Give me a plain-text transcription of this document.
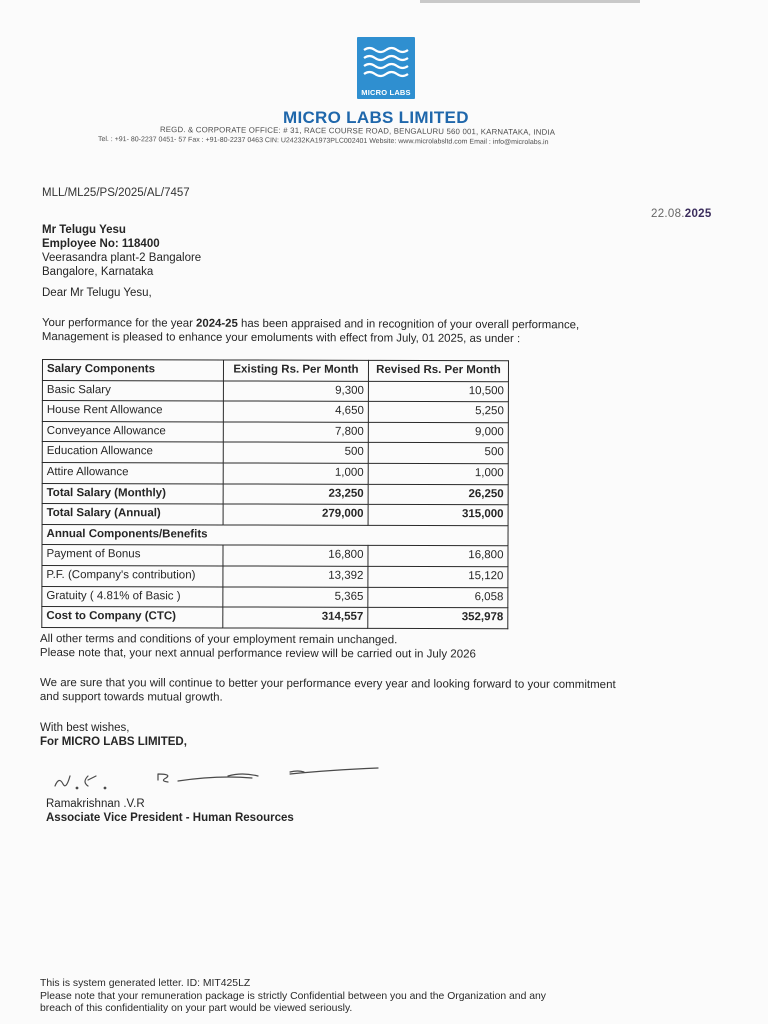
MICRO LABS
MICRO LABS LIMITED
REGD. & CORPORATE OFFICE: # 31, RACE COURSE ROAD, BENGALURU 560 001, KARNATAKA, INDIA
Tel. : +91- 80-2237 0451- 57 Fax : +91-80-2237 0463 CIN: U24232KA1973PLC002401 Website: www.microlabsltd.com Email : info@microlabs.in
MLL/ML25/PS/2025/AL/7457
22.08.2025
Mr Telugu Yesu
Employee No: 118400
Veerasandra plant-2 Bangalore
Bangalore, Karnataka
Dear Mr Telugu Yesu,
Your performance for the year 2024-25 has been appraised and in recognition of your overall performance,
Management is pleased to enhance your emoluments with effect from July, 01 2025, as under :
Salary Components	Existing Rs. Per Month	Revised Rs. Per Month
Basic Salary	9,300	10,500
House Rent Allowance	4,650	5,250
Conveyance Allowance	7,800	9,000
Education Allowance	500	500
Attire Allowance	1,000	1,000
Total Salary (Monthly)	23,250	26,250
Total Salary (Annual)	279,000	315,000
Annual Components/Benefits		
Payment of Bonus	16,800	16,800
P.F. (Company's contribution)	13,392	15,120
Gratuity ( 4.81% of Basic )	5,365	6,058
Cost to Company (CTC)	314,557	352,978
All other terms and conditions of your employment remain unchanged.
Please note that, your next annual performance review will be carried out in July 2026
We are sure that you will continue to better your performance every year and looking forward to your commitment
and support towards mutual growth.
With best wishes,
For MICRO LABS LIMITED,
Ramakrishnan .V.R
Associate Vice President - Human Resources
This is system generated letter. ID: MIT425LZ
Please note that your remuneration package is strictly Confidential between you and the Organization and any
breach of this confidentiality on your part would be viewed seriously.
